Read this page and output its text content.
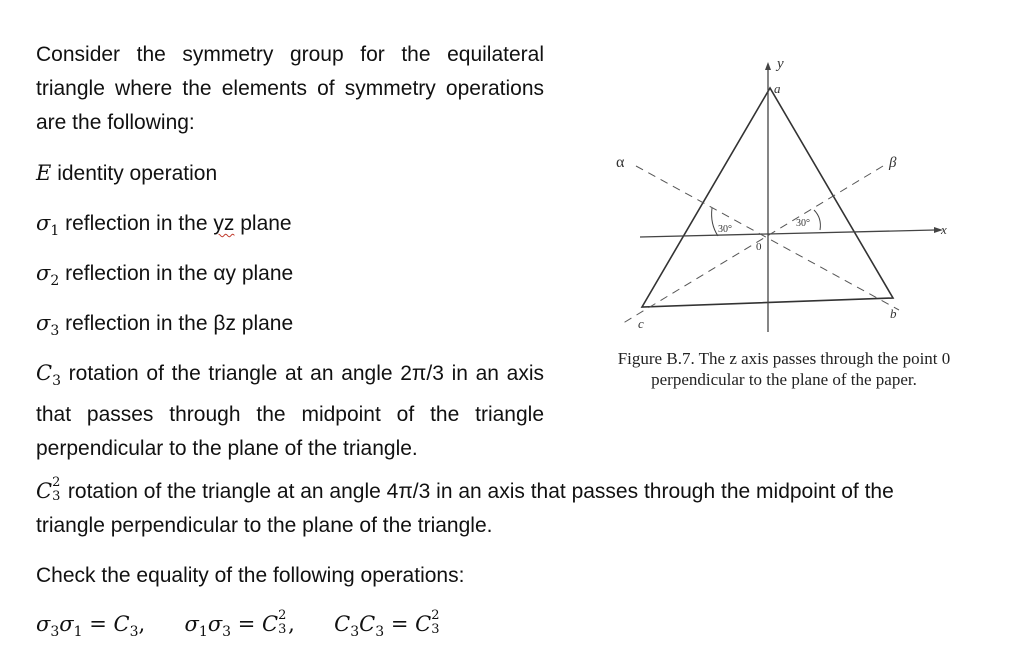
Consider the symmetry group for the equilateral triangle where the elements of symmetry operations are the following:
E identity operation
$\sigma_1$ reflection in the yz plane
$\sigma_2$ reflection in the αy plane
$\sigma_3$ reflection in the βz plane
$C_3$ rotation of the triangle at an angle 2π/3 in an axis that passes through the midpoint of the triangle perpendicular to the plane of the triangle.
C 2
3 rotation of the triangle at an angle 4π/3 in an axis that passes through the midpoint of the triangle perpendicular to the plane of the triangle.
Check the equality of the following operations:
$\sigma_3\sigma_1 = C_3$, $\sigma_1\sigma_3 = C$ 2
3 , $C_3C_3 = C$ 2
3
y
a
α	β
30°
30°
0
x
c
b
Figure B.7. The z axis passes through the point 0 perpendicular to the plane of the paper.
